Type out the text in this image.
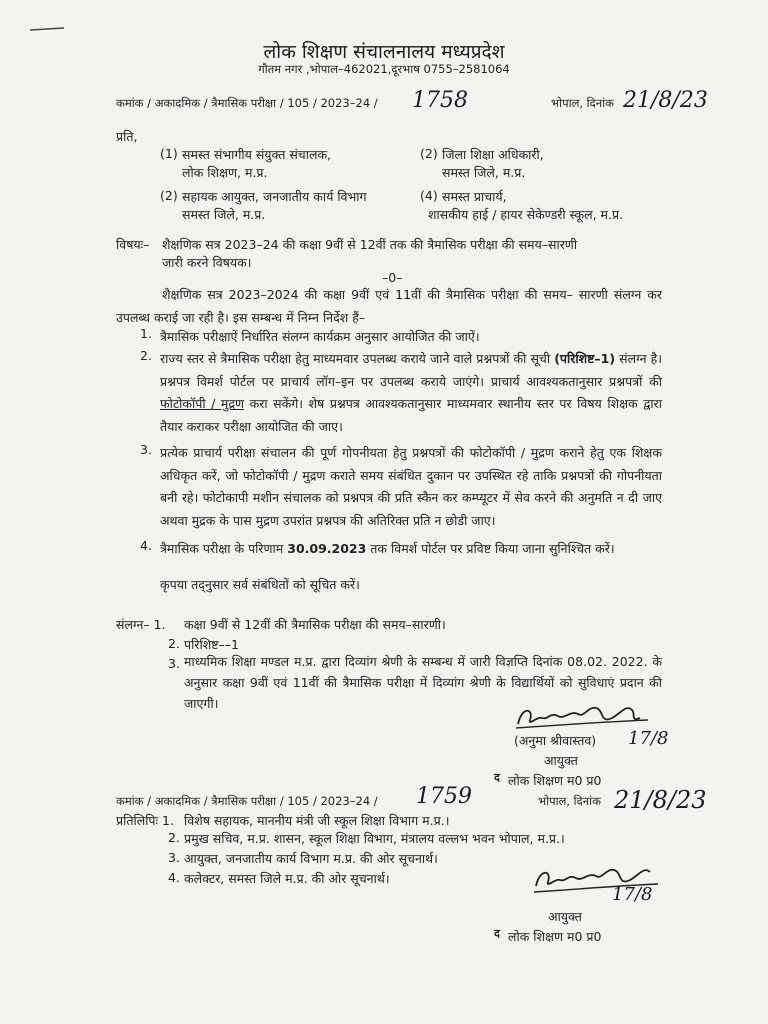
लोक शिक्षण संचालनालय मध्यप्रदेश
गौतम नगर ,भोपाल–462021,दूरभाष 0755–2581064
कमांक / अकादमिक / त्रैमासिक परीक्षा / 105 / 2023–24 / 1758	भोपाल, दिनांक 21/8/23
प्रति,
(1) समस्त संभागीय संयुक्त संचालक,
लोक शिक्षण, म.प्र.
(2) जिला शिक्षा अधिकारी,
समस्त जिले, म.प्र.
(2) सहायक आयुक्त, जनजातीय कार्य विभाग
समस्त जिले, म.प्र.
(4) समस्त प्राचार्य,
शासकीय हाई / हायर सेकेण्डरी स्कूल, म.प्र.
विषयः– शैक्षणिक सत्र 2023–24 की कक्षा 9वीं से 12वीं तक की त्रैमासिक परीक्षा की समय–सारणी
जारी करने विषयक।
–0–
शैक्षणिक सत्र 2023–2024 की कक्षा 9वीं एवं 11वीं की त्रैमासिक परीक्षा की समय– सारणी संलग्न कर उपलब्ध कराई जा रही है। इस सम्बन्ध में निम्न निर्देश हैं–
1. त्रैमासिक परीक्षाऐं निर्धारित संलग्न कार्यक्रम अनुसार आयोजित की जाऐं।
2. राज्य स्तर से त्रैमासिक परीक्षा हेतु माध्यमवार उपलब्ध कराये जाने वाले प्रश्नपत्रों की सूची (परिशिष्ट–1) संलग्न है। प्रश्नपत्र विमर्श पोर्टल पर प्राचार्य लॉग–इन पर उपलब्ध कराये जाएंगे। प्राचार्य आवश्यकतानुसार प्रश्नपत्रों की फोटोकॉपी / मुद्रण करा सकेंगे। शेष प्रश्नपत्र आवश्यकतानुसार माध्यमवार स्थानीय स्तर पर विषय शिक्षक द्वारा तैयार कराकर परीक्षा आयोजित की जाए।
3. प्रत्येक प्राचार्य परीक्षा संचालन की पूर्ण गोपनीयता हेतु प्रश्नपत्रों की फोटोकॉपी / मुद्रण कराने हेतु एक शिक्षक अधिकृत करें, जो फोटोकॉपी / मुद्रण कराते समय संबंधित दुकान पर उपस्थित रहे ताकि प्रश्नपत्रों की गोपनीयता बनी रहे। फोटोकापी मशीन संचालक को प्रश्नपत्र की प्रति स्कैन कर कम्प्यूटर में सेव करने की अनुमति न दी जाए अथवा मुद्रक के पास मुद्रण उपरांत प्रश्नपत्र की अतिरिक्त प्रति न छोडी जाए।
4. त्रैमासिक परीक्षा के परिणाम 30.09.2023 तक विमर्श पोर्टल पर प्रविष्ट किया जाना सुनिश्चित करें।
कृपया तद्नुसार सर्व संबंधितों को सूचित करें।
संलग्न– 1. कक्षा 9वीं से 12वीं की त्रैमासिक परीक्षा की समय–सारणी।
2. परिशिष्ट––1
3. माध्यमिक शिक्षा मण्डल म.प्र. द्वारा दिव्यांग श्रेणी के सम्बन्ध में जारी विज्ञप्ति दिनांक 08.02. 2022. के अनुसार कक्षा 9वीं एवं 11वीं की त्रैमासिक परीक्षा में दिव्यांग श्रेणी के विद्यार्थियों को सुविधाएं प्रदान की जाएगी।
(अनुमा श्रीवास्तव) 17/8
आयुक्त
द लोक शिक्षण म0 प्र0
कमांक / अकादमिक / त्रैमासिक परीक्षा / 105 / 2023–24 / 1759	भोपाल, दिनांक 21/8/23
प्रतिलिपिः 1. विशेष सहायक, माननीय मंत्री जी स्कूल शिक्षा विभाग म.प्र.।
2. प्रमुख सचिव, म.प्र. शासन, स्कूल शिक्षा विभाग, मंत्रालय वल्लभ भवन भोपाल, म.प्र.।
3. आयुक्त, जनजातीय कार्य विभाग म.प्र. की ओर सूचनार्थ।
4. कलेक्टर, समस्त जिले म.प्र. की ओर सूचनार्थ।
17/8
आयुक्त
द लोक शिक्षण म0 प्र0
